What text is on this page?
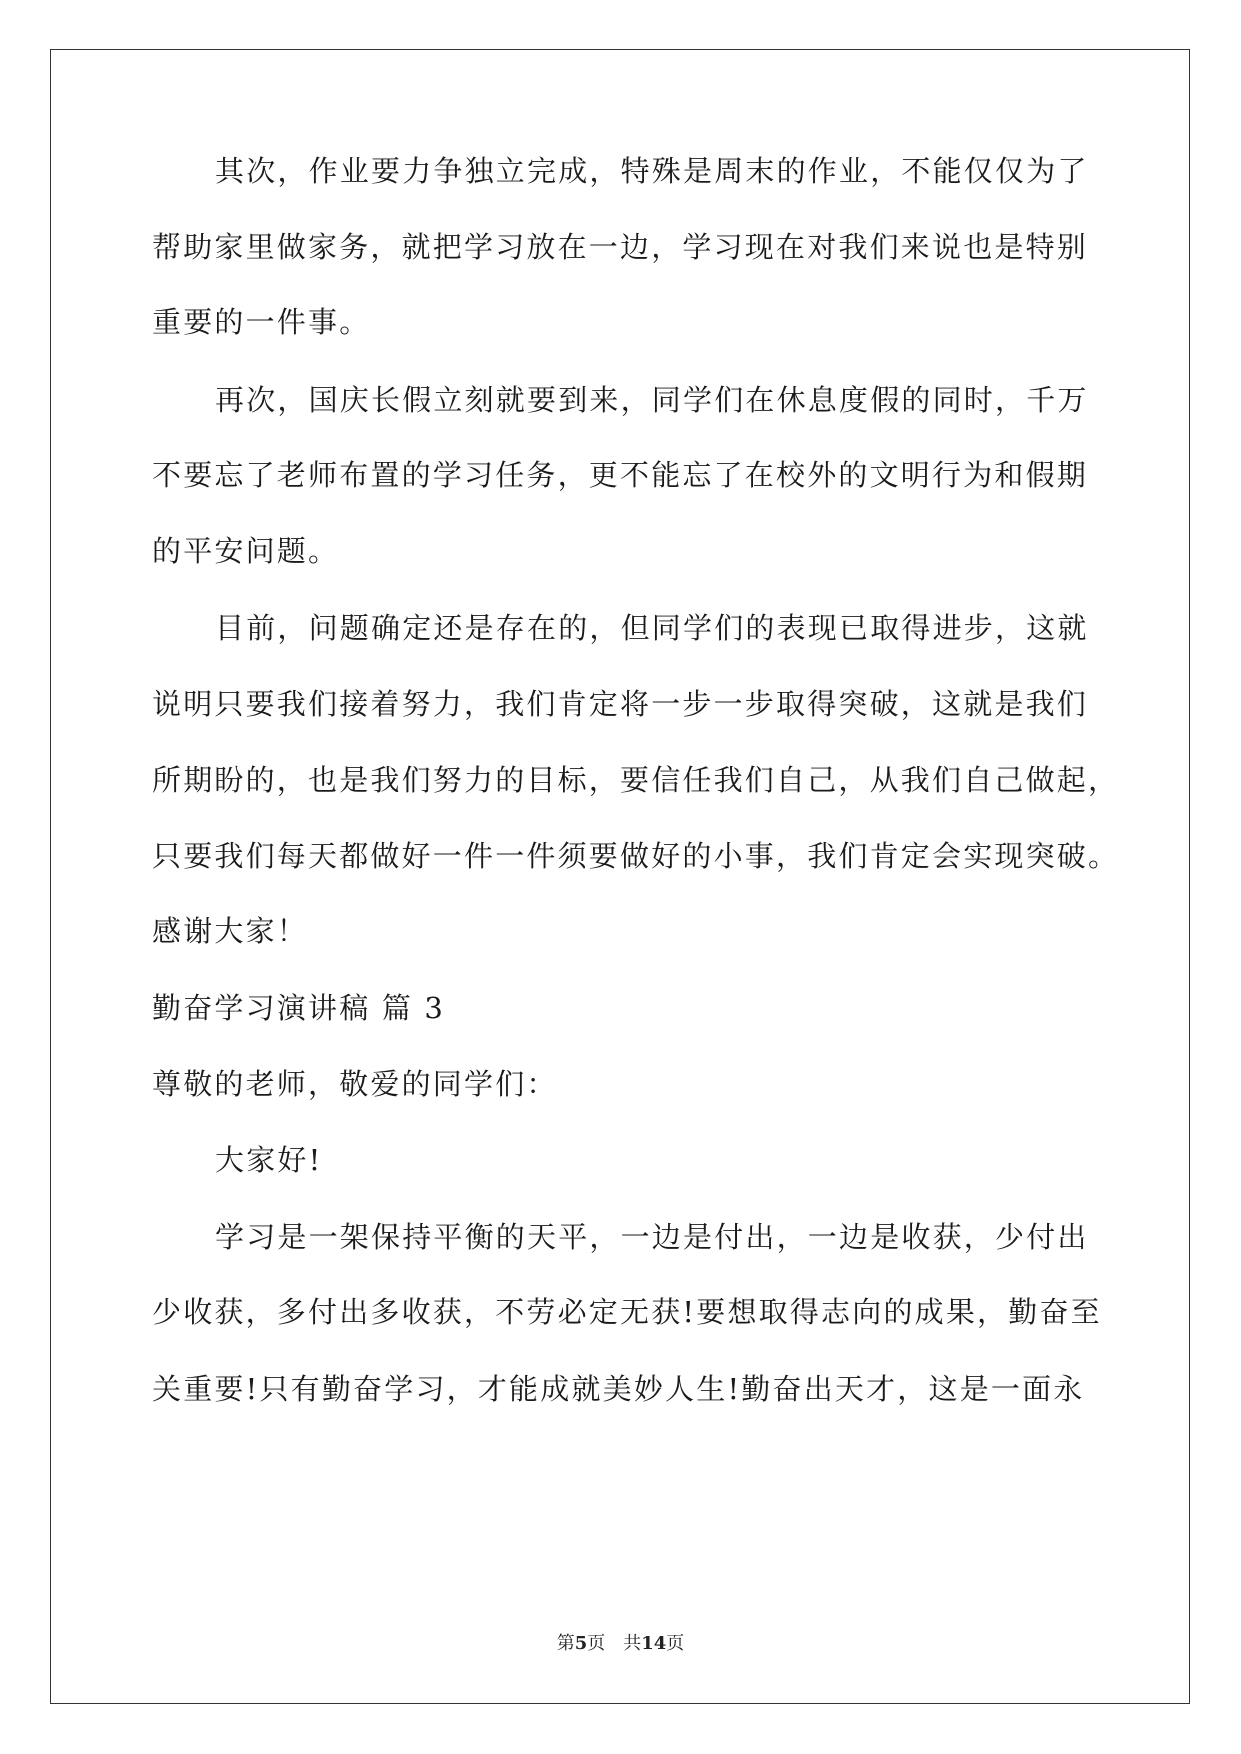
其次，作业要力争独立完成，特殊是周末的作业，不能仅仅为了
帮助家里做家务，就把学习放在一边，学习现在对我们来说也是特别
重要的一件事。
再次，国庆长假立刻就要到来，同学们在休息度假的同时，千万
不要忘了老师布置的学习任务，更不能忘了在校外的文明行为和假期
的平安问题。
目前，问题确定还是存在的，但同学们的表现已取得进步，这就
说明只要我们接着努力，我们肯定将一步一步取得突破，这就是我们
所期盼的，也是我们努力的目标，要信任我们自己，从我们自己做起，
只要我们每天都做好一件一件须要做好的小事，我们肯定会实现突破。
感谢大家！
勤奋学习演讲稿 篇 3
尊敬的老师，敬爱的同学们：
大家好!
学习是一架保持平衡的天平，一边是付出，一边是收获，少付出
少收获，多付出多收获，不劳必定无获!要想取得志向的成果，勤奋至
关重要!只有勤奋学习，才能成就美妙人生!勤奋出天才，这是一面永
第5页 共14页
